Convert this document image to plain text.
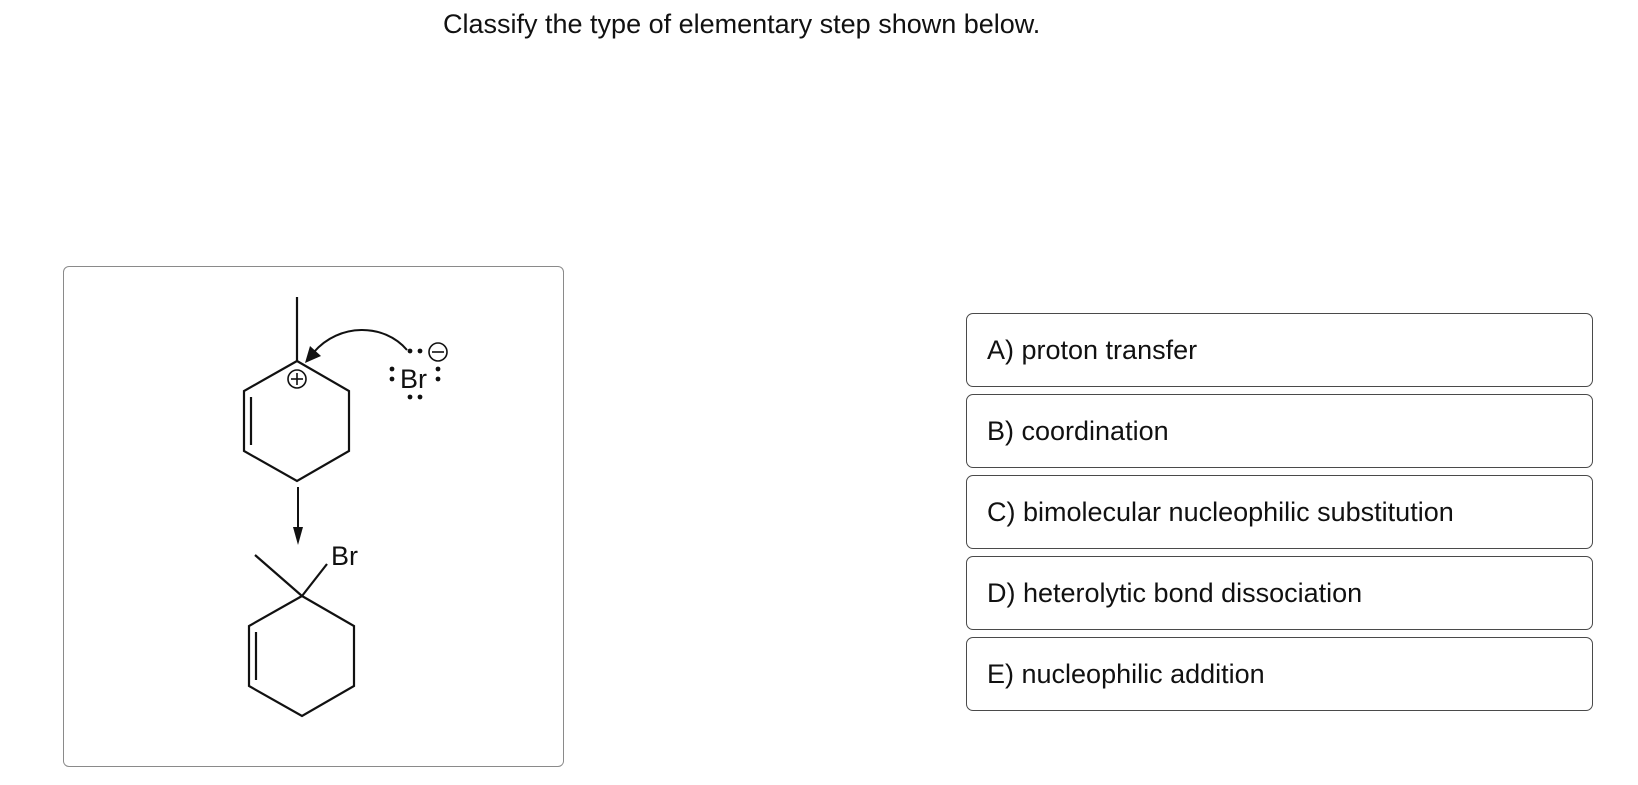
Classify the type of elementary step shown below.
Br
Br
A) proton transfer
B) coordination
C) bimolecular nucleophilic substitution
D) heterolytic bond dissociation
E) nucleophilic addition
